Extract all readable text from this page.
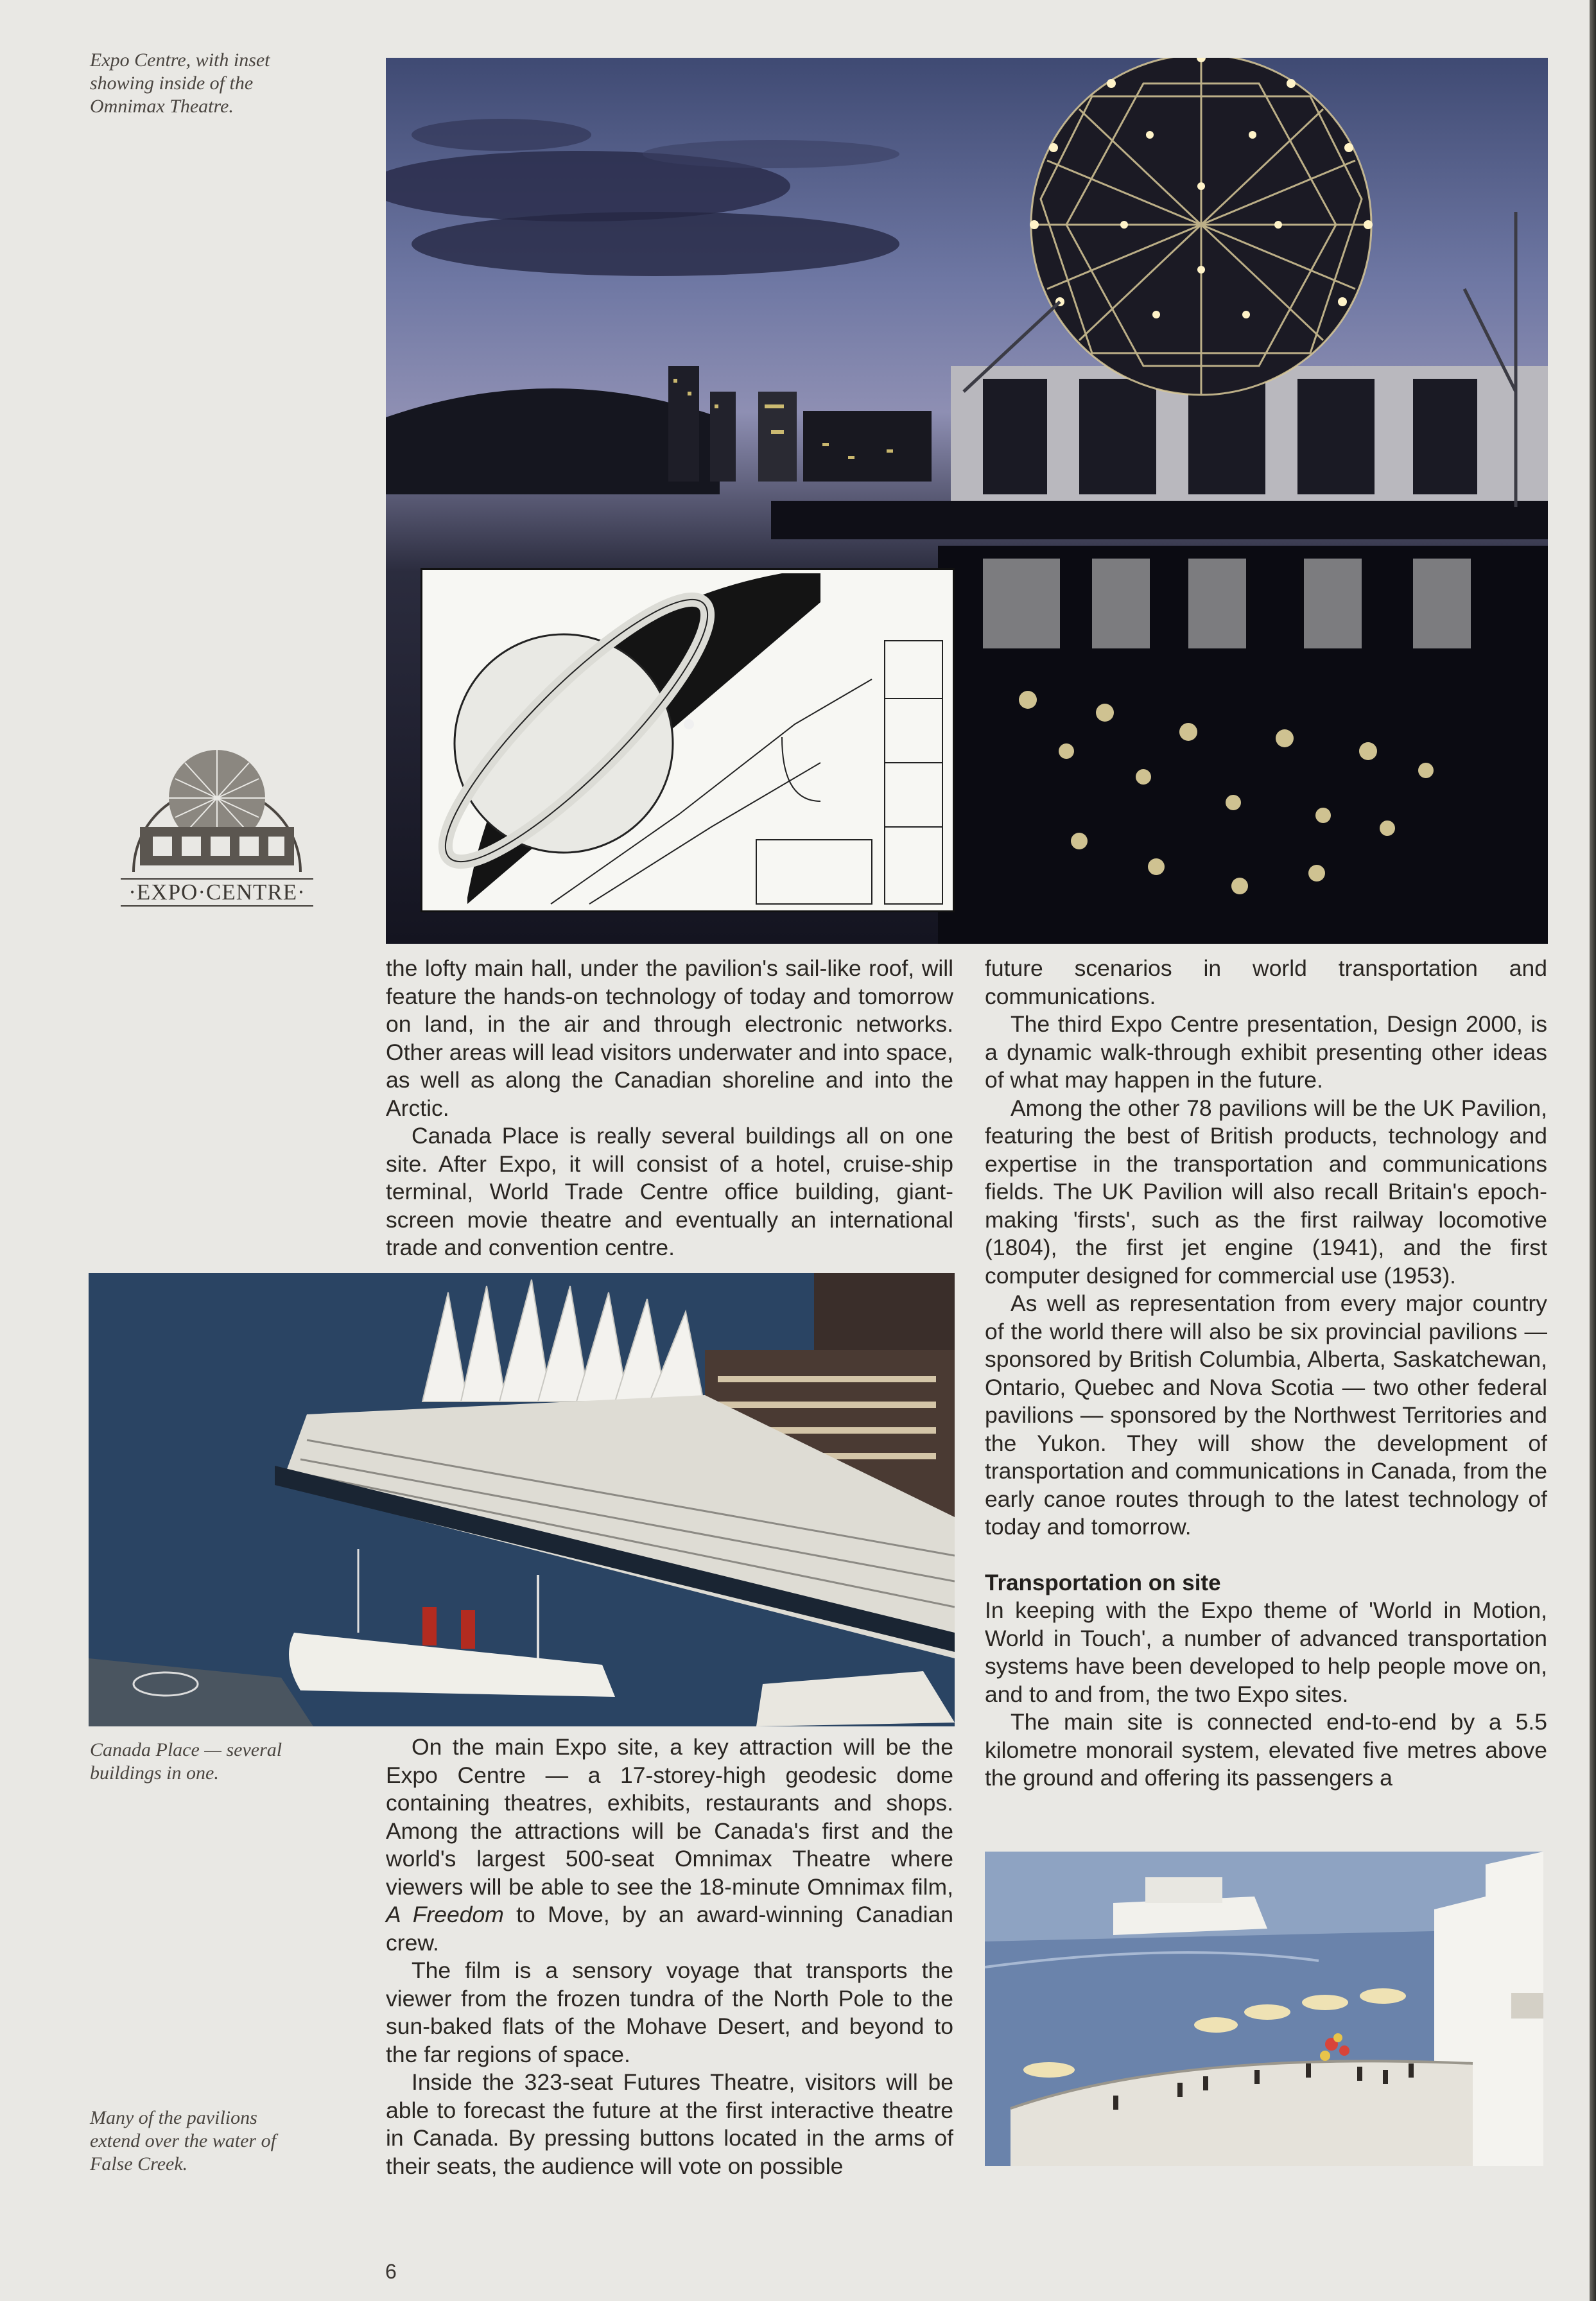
Expo Centre, with inset
showing inside of the
Omnimax Theatre.
·EXPO·CENTRE·

the lofty main hall, under the pavilion's sail-like roof, will feature the hands-on technology of today and tomorrow on land, in the air and through electronic networks. Other areas will lead visitors underwater and into space, as well as along the Canadian shoreline and into the Arctic.

Canada Place is really several buildings all on one site. After Expo, it will consist of a hotel, cruise-ship terminal, World Trade Centre office building, giant-screen movie theatre and eventually an international trade and convention centre.

future scenarios in world transportation and communications.

The third Expo Centre presentation, Design 2000, is a dynamic walk-through exhibit presenting other ideas of what may happen in the future.

Among the other 78 pavilions will be the UK Pavilion, featuring the best of British products, technology and expertise in the transportation and communications fields. The UK Pavilion will also recall Britain's epoch-making 'firsts', such as the first railway locomotive (1804), the first jet engine (1941), and the first computer designed for commercial use (1953).

As well as representation from every major country of the world there will also be six provincial pavilions — sponsored by British Columbia, Alberta, Saskatchewan, Ontario, Quebec and Nova Scotia — two other federal pavilions — sponsored by the Northwest Territories and the Yukon. They will show the development of transportation and communications in Canada, from the early canoe routes through to the latest technology of today and tomorrow.

Transportation on site

In keeping with the Expo theme of 'World in Motion, World in Touch', a number of advanced transportation systems have been developed to help people move on, and to and from, the two Expo sites.

The main site is connected end-to-end by a 5.5 kilometre monorail system, elevated five metres above the ground and offering its passengers a

Canada Place — several
buildings in one.

On the main Expo site, a key attraction will be the Expo Centre — a 17-storey-high geodesic dome containing theatres, exhibits, restaurants and shops. Among the attractions will be Canada's first and the world's largest 500-seat Omnimax Theatre where viewers will be able to see the 18-minute Omnimax film, A Freedom to Move, by an award-winning Canadian crew.

The film is a sensory voyage that transports the viewer from the frozen tundra of the North Pole to the sun-baked flats of the Mohave Desert, and beyond to the far regions of space.

Inside the 323-seat Futures Theatre, visitors will be able to forecast the future at the first interactive theatre in Canada. By pressing buttons located in the arms of their seats, the audience will vote on possible

Many of the pavilions
extend over the water of
False Creek.
6
